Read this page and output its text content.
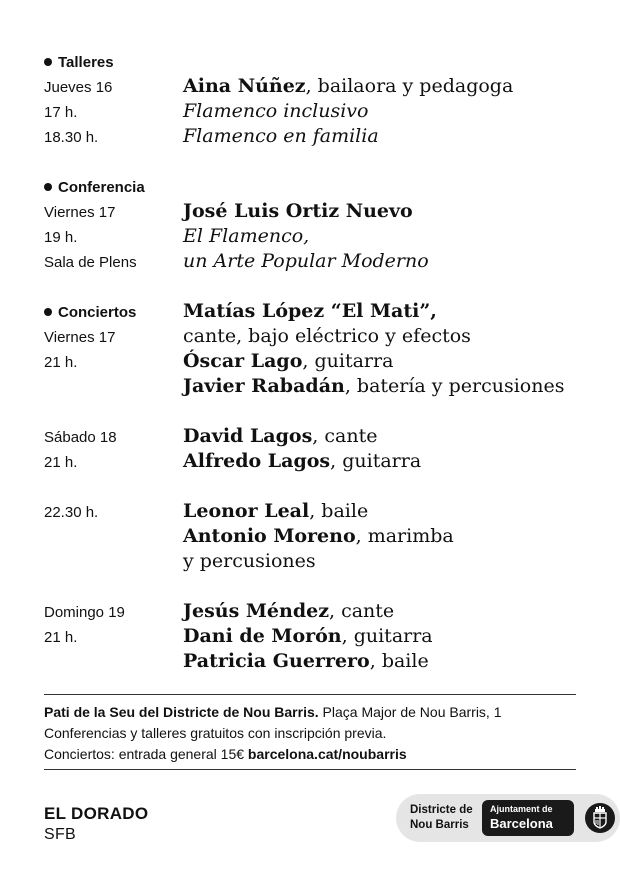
Talleres
Jueves 16
17 h.
18.30 h.
Aina Núñez, bailaora y pedagoga
Flamenco inclusivo
Flamenco en familia
Conferencia
Viernes 17
19 h.
Sala de Plens
José Luis Ortiz Nuevo
El Flamenco,
un Arte Popular Moderno
Conciertos
Viernes 17
21 h.
Matías López “El Mati”,
cante, bajo eléctrico y efectos
Óscar Lago, guitarra
Javier Rabadán, batería y percusiones
Sábado 18
21 h.
David Lagos, cante
Alfredo Lagos, guitarra
22.30 h.	Leonor Leal, baile
Antonio Moreno, marimba
y percusiones
Domingo 19
21 h.
Jesús Méndez, cante
Dani de Morón, guitarra
Patricia Guerrero, baile
Pati de la Seu del Districte de Nou Barris. Plaça Major de Nou Barris, 1
Conferencias y talleres gratuitos con inscripción previa.
Conciertos: entrada general 15€ barcelona.cat/noubarris
EL DORADO
SFB
Districte de
Nou Barris
Ajuntament de
Barcelona
